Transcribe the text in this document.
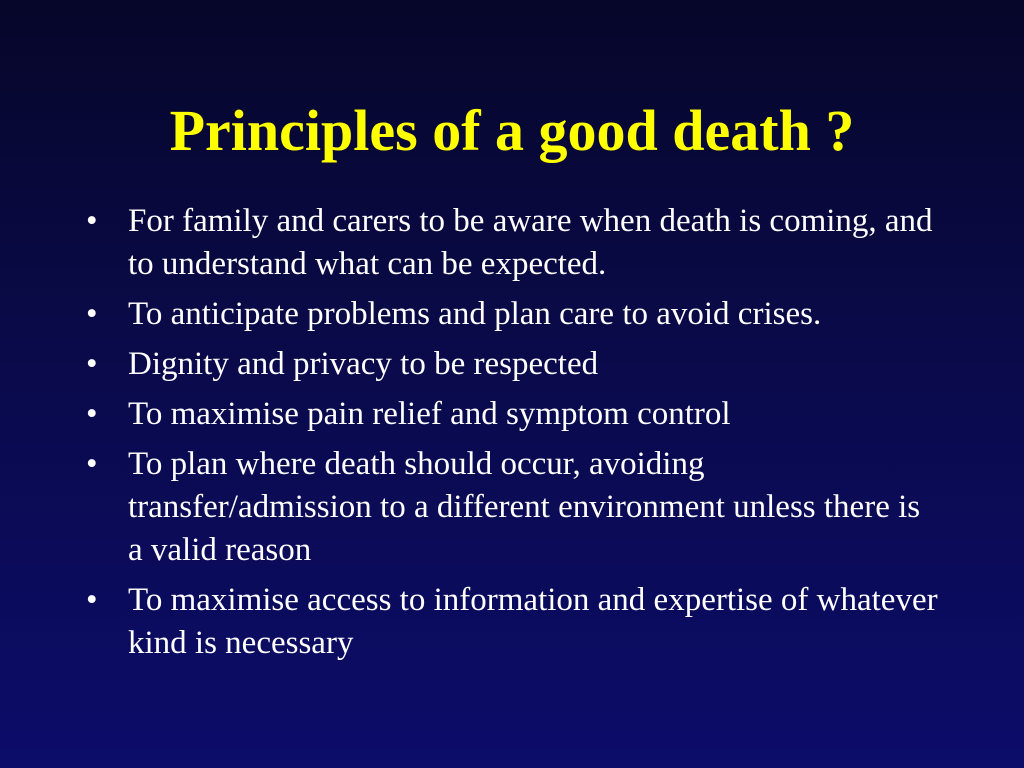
Principles of a good death ?
• For family and carers to be aware when death is coming, and to understand what can be expected.
• To anticipate problems and plan care to avoid crises.
• Dignity and privacy to be respected
• To maximise pain relief and symptom control
• To plan where death should occur, avoiding transfer/admission to a different environment unless there is a valid reason
• To maximise access to information and expertise of whatever kind is necessary
